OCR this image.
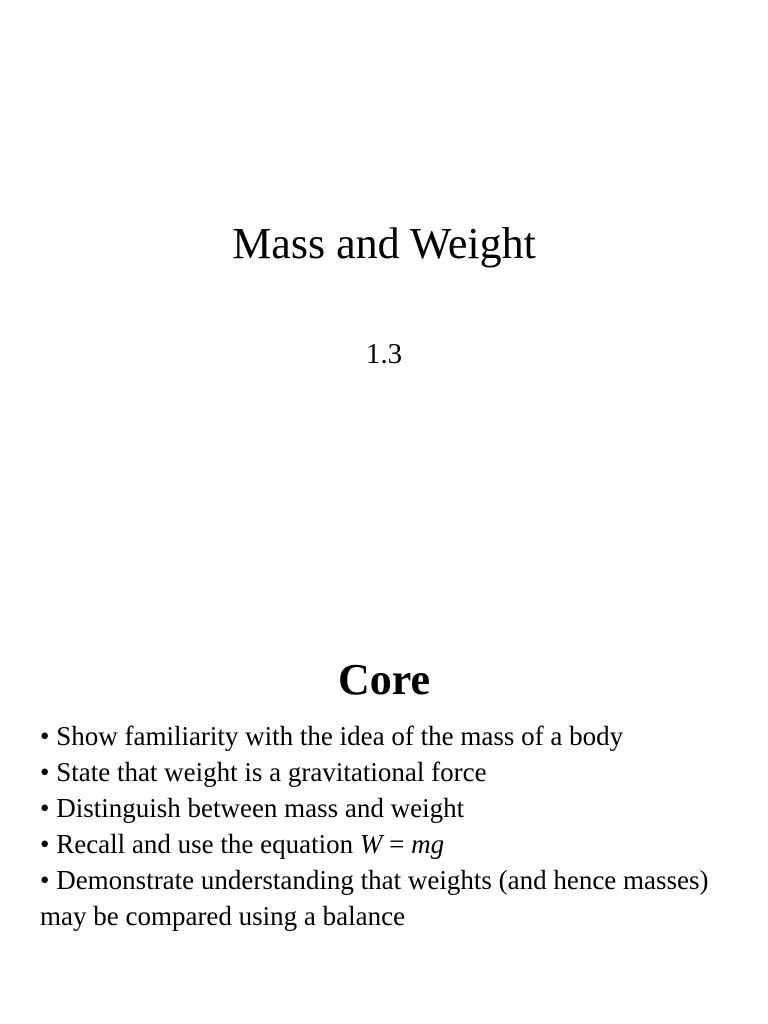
Mass and Weight

1.3

Core
• Show familiarity with the idea of the mass of a body
• State that weight is a gravitational force
• Distinguish between mass and weight
• Recall and use the equation W = mg
• Demonstrate understanding that weights (and hence masses) may be compared using a balance
